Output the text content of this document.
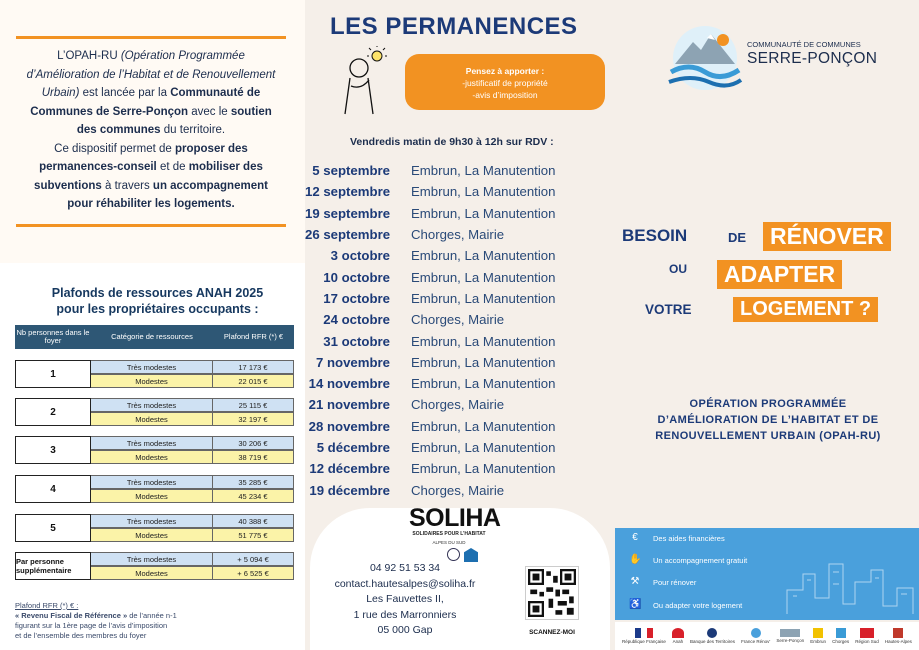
L’OPAH-RU (Opération Programmée d’Amélioration de l’Habitat et de Renouvellement Urbain) est lancée par la Communauté de Communes de Serre-Ponçon avec le soutien des communes du territoire.

Ce dispositif permet de proposer des permanences-conseil et de mobiliser des subventions à travers un accompagnement pour réhabiliter les logements.

Plafonds de ressources ANAH 2025
pour les propriétaires occupants :
Nb personnes dans le foyer	Catégorie de ressources	Plafond RFR (*) €
1
Très modestes	17 173 €
Modestes	22 015 €
2
Très modestes	25 115 €
Modestes	32 197 €
3
Très modestes	30 206 €
Modestes	38 719 €
4
Très modestes	35 285 €
Modestes	45 234 €
5
Très modestes	40 388 €
Modestes	51 775 €
Par personne supplémentaire
Très modestes	+ 5 094 €
Modestes	+ 6 525 €
Plafond RFR (*) € :
« Revenu Fiscal de Référence » de l’année n-1
figurant sur la 1ère page de l’avis d’imposition
et de l’ensemble des membres du foyer
LES PERMANENCES
Pensez à apporter :
-justificatif de propriété
-avis d’imposition
Vendredis matin de 9h30 à 12h sur RDV :
5 septembre	Embrun, La Manutention
12 septembre	Embrun, La Manutention
19 septembre	Embrun, La Manutention
26 septembre	Chorges, Mairie
3 octobre	Embrun, La Manutention
10 octobre	Embrun, La Manutention
17 octobre	Embrun, La Manutention
24 octobre	Chorges, Mairie
31 octobre	Embrun, La Manutention
7 novembre	Embrun, La Manutention
14 novembre	Embrun, La Manutention
21 novembre	Chorges, Mairie
28 novembre	Embrun, La Manutention
5 décembre	Embrun, La Manutention
12 décembre	Embrun, La Manutention
19 décembre	Chorges, Mairie
SOLIHA
SOLIDAIRES POUR L’HABITAT
ALPES DU SUD
04 92 51 53 34
contact.hautesalpes@soliha.fr
Les Fauvettes II,
1 rue des Marronniers
05 000 Gap	SCANNEZ-MOI
COMMUNAUTÉ DE COMMUNES
SERRE-PONÇON
BESOIN	DE	RÉNOVER
OU	ADAPTER
VOTRE	LOGEMENT ?
OPÉRATION PROGRAMMÉE
D’AMÉLIORATION DE L’HABITAT ET DE
RENOUVELLEMENT URBAIN (OPAH-RU)
€	Des aides financières
✋ Un accompagnement gratuit
⚒ Pour rénover
♿ Ou adapter votre logement
République Française Anah Banque des Territoires France Rénov’ Serre-Ponçon Embrun Chorges Région Sud Hautes-Alpes
